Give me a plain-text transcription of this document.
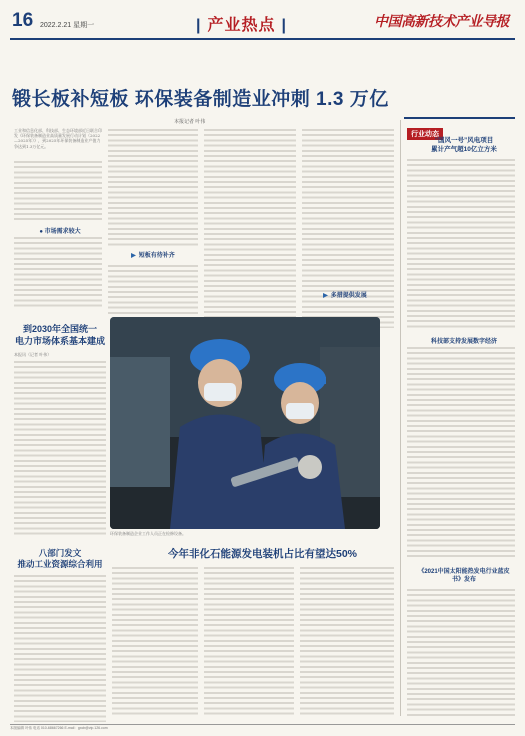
16 2022.2.21 星期一	| 产业热点 |	中国高新技术产业导报
锻长板补短板 环保装备制造业冲刺 1.3 万亿
本报记者 叶伟
工业和信息化部、科技部、生态环境部近日联合印发《环保装备制造业高质量发展行动计划（2022—2025年）》，到2025年环保装备制造业产值力争达到1.3万亿元。
● 市场需求较大
▶ 短板有待补齐
▶ 多措提供发展
到2030年全国统一
电力市场体系基本建成
本报讯（记者 叶伟）
八部门发文
推动工业资源综合利用
环保装备制造企业工作人员正在检修设备。
今年非化石能源发电装机占比有望达50%
行业动态
“国风一号”风电项目
累计产气超10亿立方米
科技部支持发展数字经济
《2021中国太阳能热发电行业蓝皮书》发布
本版编辑 叶伟 电话 010-68667266 E-mail：gxcb@vip.126.com
